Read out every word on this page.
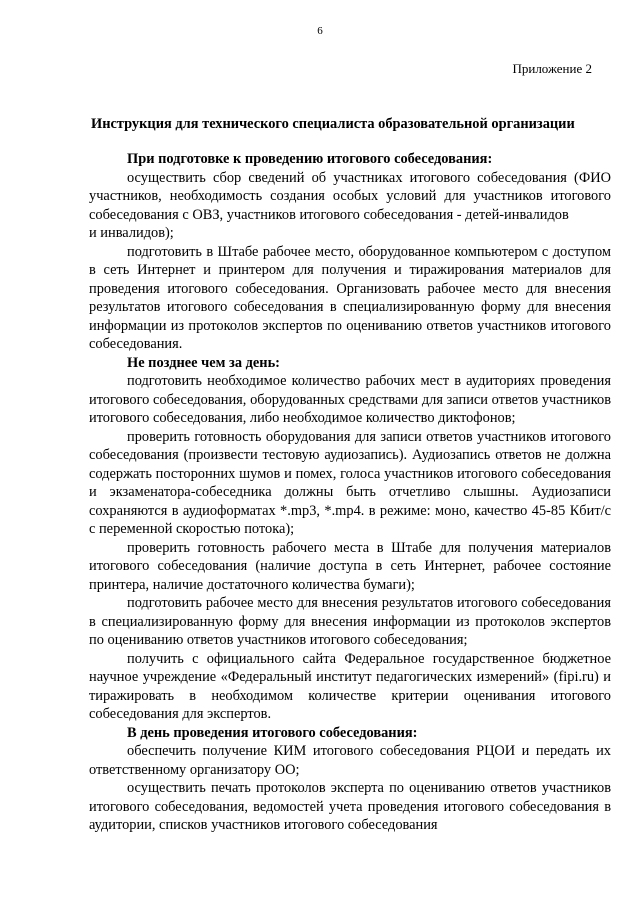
6
Приложение 2
Инструкция для технического специалиста образовательной организации

При подготовке к проведению итогового собеседования:

осуществить сбор сведений об участниках итогового собеседования (ФИО участников, необходимость создания особых условий для участников итогового собеседования с ОВЗ, участников итогового собеседования - детей-инвалидов

и инвалидов);

подготовить в Штабе рабочее место, оборудованное компьютером с доступом в сеть Интернет и принтером для получения и тиражирования материалов для проведения итогового собеседования. Организовать рабочее место для внесения результатов итогового собеседования в специализированную форму для внесения информации из протоколов экспертов по оцениванию ответов участников итогового собеседования.

Не позднее чем за день:

подготовить необходимое количество рабочих мест в аудиториях проведения итогового собеседования, оборудованных средствами для записи ответов участников итогового собеседования, либо необходимое количество диктофонов;

проверить готовность оборудования для записи ответов участников итогового собеседования (произвести тестовую аудиозапись). Аудиозапись ответов не должна содержать посторонних шумов и помех, голоса участников итогового собеседования и экзаменатора-собеседника должны быть отчетливо слышны. Аудиозаписи сохраняются в аудиоформатах *.mp3, *.mp4. в режиме: моно, качество 45-85 Кбит/с с переменной скоростью потока);

проверить готовность рабочего места в Штабе для получения материалов итогового собеседования (наличие доступа в сеть Интернет, рабочее состояние принтера, наличие достаточного количества бумаги);

подготовить рабочее место для внесения результатов итогового собеседования в специализированную форму для внесения информации из протоколов экспертов по оцениванию ответов участников итогового собеседования;

получить с официального сайта Федеральное государственное бюджетное научное учреждение «Федеральный институт педагогических измерений» (fipi.ru) и тиражировать в необходимом количестве критерии оценивания итогового собеседования для экспертов.

В день проведения итогового собеседования:

обеспечить получение КИМ итогового собеседования РЦОИ и передать их ответственному организатору ОО;

осуществить печать протоколов эксперта по оцениванию ответов участников итогового собеседования, ведомостей учета проведения итогового собеседования в аудитории, списков участников итогового собеседования
